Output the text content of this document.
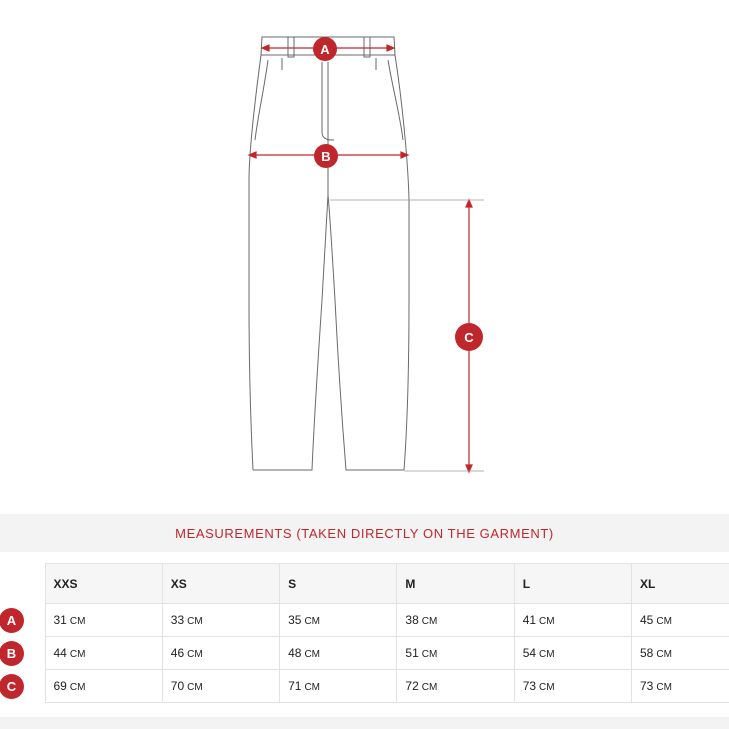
A
B
C
MEASUREMENTS (TAKEN DIRECTLY ON THE GARMENT)
	XXS	XS	S	M	L	XL

A	31 CM	33 CM	35 CM	38 CM	41 CM	45 CM

B	44 CM	46 CM	48 CM	51 CM	54 CM	58 CM

C	69 CM	70 CM	71 CM	72 CM	73 CM	73 CM
